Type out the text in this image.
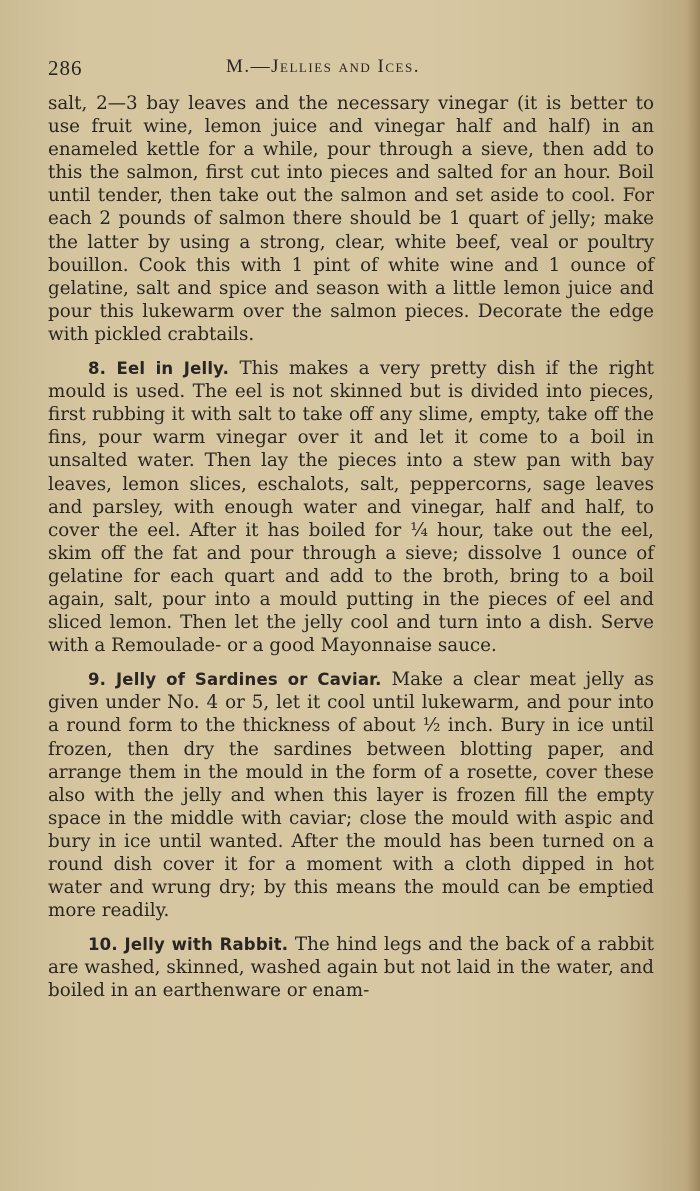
286	M.—Jellies and Ices.

salt, 2—3 bay leaves and the necessary vinegar (it is better to use fruit wine, lemon juice and vinegar half and half) in an enameled kettle for a while, pour through a sieve, then add to this the salmon, first cut into pieces and salted for an hour. Boil until tender, then take out the salmon and set aside to cool. For each 2 pounds of salmon there should be 1 quart of jelly; make the latter by using a strong, clear, white beef, veal or poultry bouillon. Cook this with 1 pint of white wine and 1 ounce of gelatine, salt and spice and season with a little lemon juice and pour this lukewarm over the salmon pieces. Decorate the edge with pickled crabtails.

8. Eel in Jelly. This makes a very pretty dish if the right mould is used. The eel is not skinned but is divided into pieces, first rubbing it with salt to take off any slime, empty, take off the fins, pour warm vinegar over it and let it come to a boil in unsalted water. Then lay the pieces into a stew pan with bay leaves, lemon slices, eschalots, salt, peppercorns, sage leaves and parsley, with enough water and vinegar, half and half, to cover the eel. After it has boiled for ¼ hour, take out the eel, skim off the fat and pour through a sieve; dissolve 1 ounce of gelatine for each quart and add to the broth, bring to a boil again, salt, pour into a mould putting in the pieces of eel and sliced lemon. Then let the jelly cool and turn into a dish. Serve with a Remoulade- or a good Mayonnaise sauce.

9. Jelly of Sardines or Caviar. Make a clear meat jelly as given under No. 4 or 5, let it cool until lukewarm, and pour into a round form to the thickness of about ½ inch. Bury in ice until frozen, then dry the sardines between blotting paper, and arrange them in the mould in the form of a rosette, cover these also with the jelly and when this layer is frozen fill the empty space in the middle with caviar; close the mould with aspic and bury in ice until wanted. After the mould has been turned on a round dish cover it for a moment with a cloth dipped in hot water and wrung dry; by this means the mould can be emptied more readily.

10. Jelly with Rabbit. The hind legs and the back of a rabbit are washed, skinned, washed again but not laid in the water, and boiled in an earthenware or enam-
